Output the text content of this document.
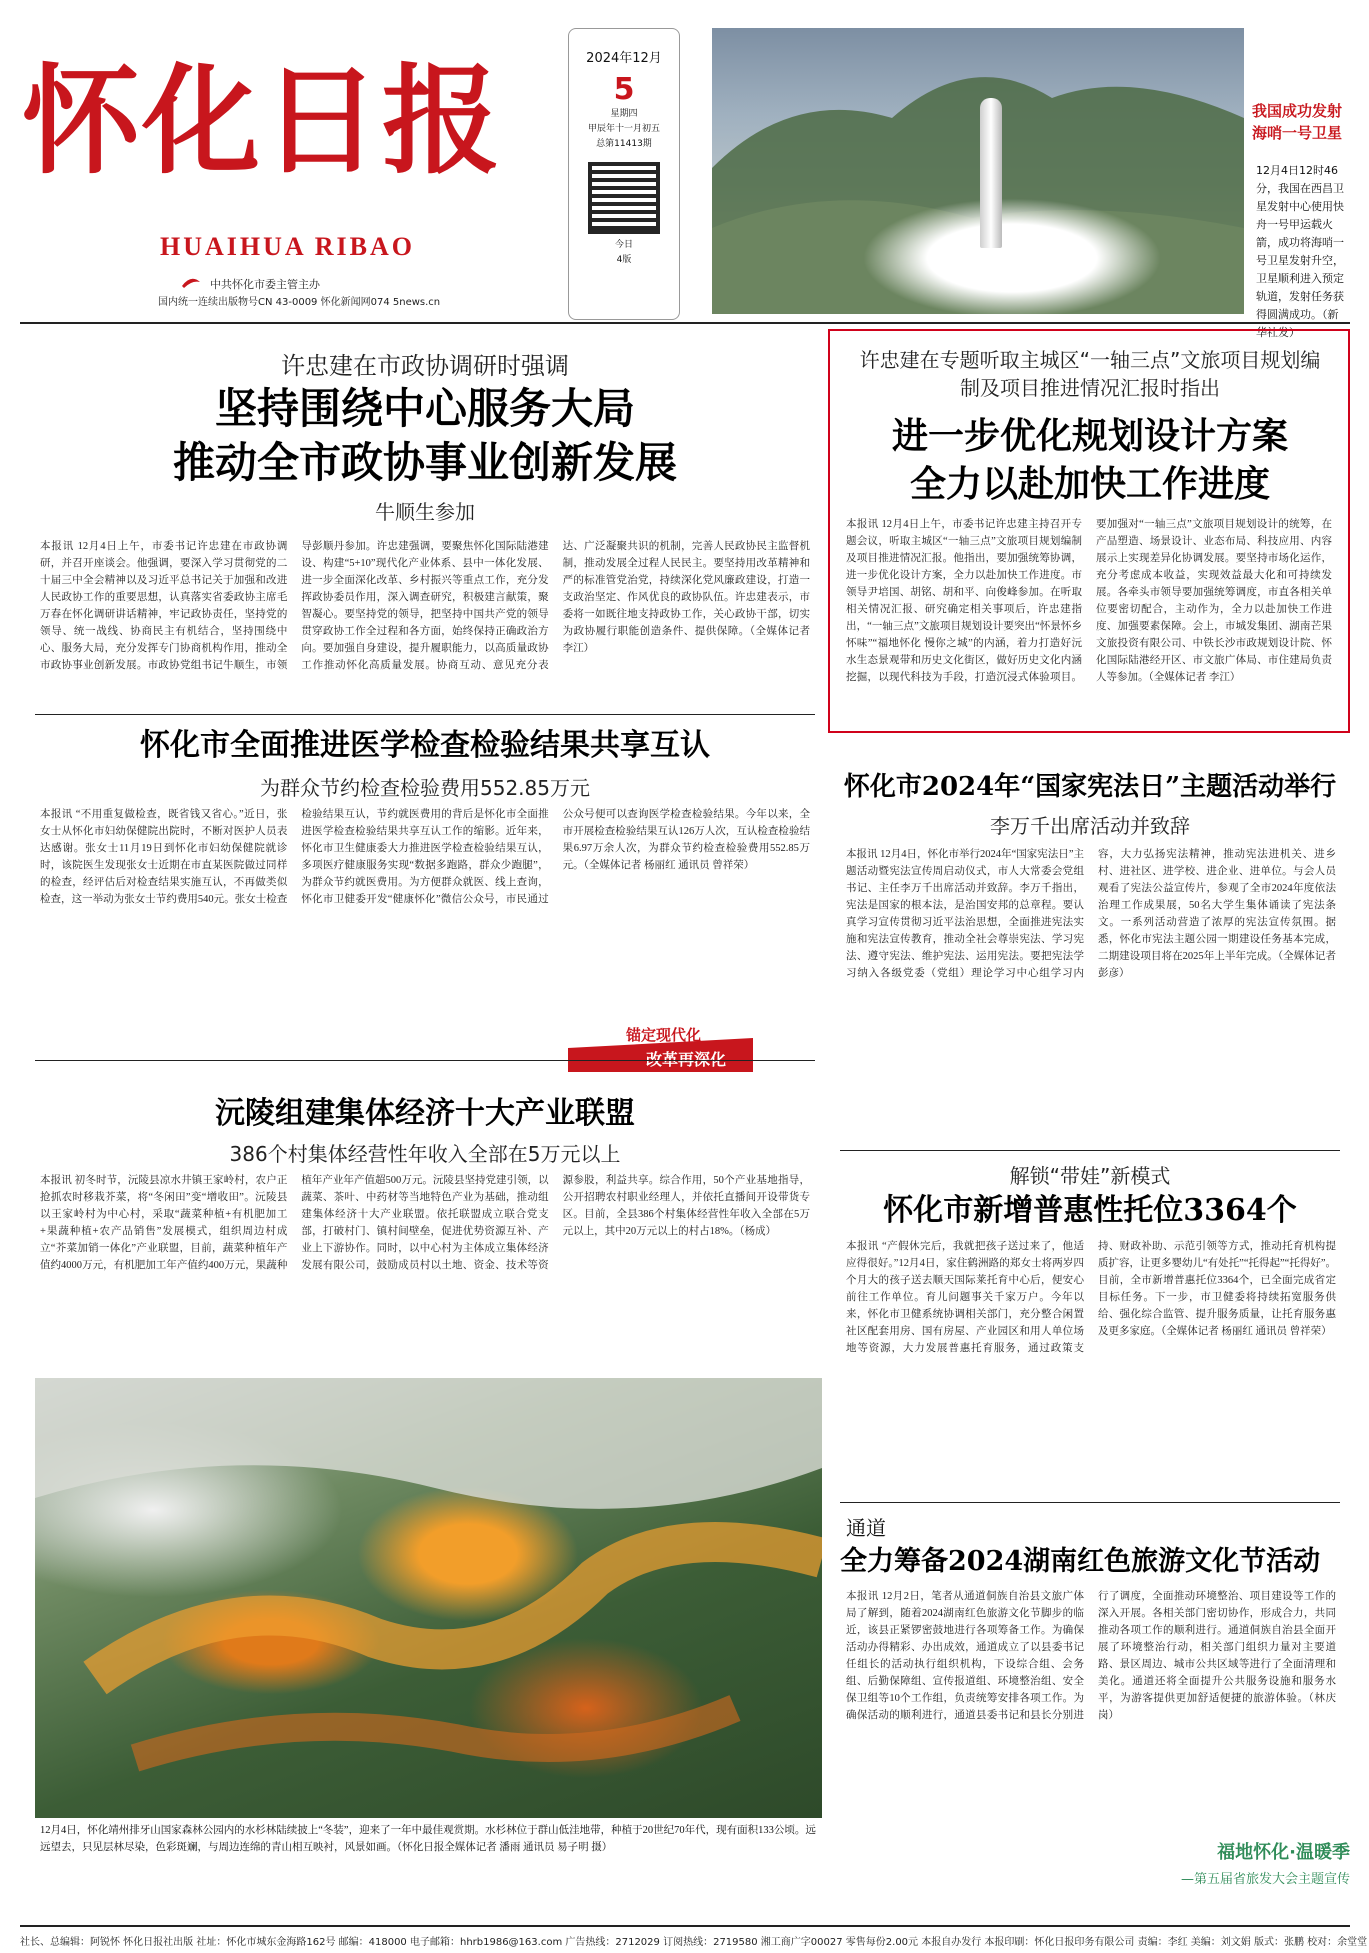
怀化日报
HUAIHUA RIBAO
中共怀化市委主管主办
国内统一连续出版物号CN 43-0009 怀化新闻网074 5news.cn
2024年12月
5
星期四
甲辰年十一月初五
总第11413期
今日
4版
我国成功发射海哨一号卫星
12月4日12时46分，我国在西昌卫星发射中心使用快舟一号甲运载火箭，成功将海哨一号卫星发射升空，卫星顺利进入预定轨道，发射任务获得圆满成功。（新华社发）
许忠建在市政协调研时强调
坚持围绕中心服务大局
推动全市政协事业创新发展
牛顺生参加
本报讯 12月4日上午，市委书记许忠建在市政协调研，并召开座谈会。他强调，要深入学习贯彻党的二十届三中全会精神以及习近平总书记关于加强和改进人民政协工作的重要思想，认真落实省委政协主席毛万春在怀化调研讲话精神，牢记政协责任，坚持党的领导、统一战线、协商民主有机结合，坚持围绕中心、服务大局，充分发挥专门协商机构作用，推动全市政协事业创新发展。市政协党组书记牛顺生，市领导彭顺丹参加。许忠建强调，要聚焦怀化国际陆港建设、构建“5+10”现代化产业体系、县中一体化发展、进一步全面深化改革、乡村振兴等重点工作，充分发挥政协委员作用，深入调查研究，积极建言献策，聚智凝心。要坚持党的领导，把坚持中国共产党的领导贯穿政协工作全过程和各方面，始终保持正确政治方向。要加强自身建设，提升履职能力，以高质量政协工作推动怀化高质量发展。协商互动、意见充分表达、广泛凝聚共识的机制，完善人民政协民主监督机制，推动发展全过程人民民主。要坚持用改革精神和严的标准管党治党，持续深化党风廉政建设，打造一支政治坚定、作风优良的政协队伍。许忠建表示，市委将一如既往地支持政协工作，关心政协干部，切实为政协履行职能创造条件、提供保障。（全媒体记者 李江）
许忠建在专题听取主城区“一轴三点”文旅项目规划编制及项目推进情况汇报时指出
进一步优化规划设计方案
全力以赴加快工作进度
本报讯 12月4日上午，市委书记许忠建主持召开专题会议，听取主城区“一轴三点”文旅项目规划编制及项目推进情况汇报。他指出，要加强统筹协调，进一步优化设计方案，全力以赴加快工作进度。市领导尹培国、胡铭、胡和平、向俊峰参加。在听取相关情况汇报、研究确定相关事项后，许忠建指出，“一轴三点”文旅项目规划设计要突出“怀景怀乡怀味”“福地怀化 慢你之城”的内涵，着力打造好沅水生态景观带和历史文化街区，做好历史文化内涵挖掘，以现代科技为手段，打造沉浸式体验项目。要加强对“一轴三点”文旅项目规划设计的统筹，在产品塑造、场景设计、业态布局、科技应用、内容展示上实现差异化协调发展。要坚持市场化运作，充分考虑成本收益，实现效益最大化和可持续发展。各牵头市领导要加强统筹调度，市直各相关单位要密切配合，主动作为，全力以赴加快工作进度、加强要素保障。会上，市城发集团、湖南芒果文旅投资有限公司、中铁长沙市政规划设计院、怀化国际陆港经开区、市文旅广体局、市住建局负责人等参加。（全媒体记者 李江）
怀化市全面推进医学检查检验结果共享互认
为群众节约检查检验费用552.85万元
本报讯 “不用重复做检查，既省钱又省心。”近日，张女士从怀化市妇幼保健院出院时，不断对医护人员表达感谢。张女士11月19日到怀化市妇幼保健院就诊时，该院医生发现张女士近期在市直某医院做过同样的检查，经评估后对检查结果实施互认，不再做类似检查，这一举动为张女士节约费用540元。张女士检查检验结果互认，节约就医费用的背后是怀化市全面推进医学检查检验结果共享互认工作的缩影。近年来，怀化市卫生健康委大力推进医学检查检验结果互认，多项医疗健康服务实现“数据多跑路，群众少跑腿”，为群众节约就医费用。为方便群众就医、线上查询，怀化市卫健委开发“健康怀化”微信公众号，市民通过公众号便可以查询医学检查检验结果。今年以来，全市开展检查检验结果互认126万人次，互认检查检验结果6.97万余人次，为群众节约检查检验费用552.85万元。（全媒体记者 杨丽红 通讯员 曾祥荣）
锚定现代化
改革再深化
沅陵组建集体经济十大产业联盟
386个村集体经营性年收入全部在5万元以上
本报讯 初冬时节，沅陵县凉水井镇王家岭村，农户正抢抓农时移栽芥菜，将“冬闲田”变“增收田”。沅陵县以王家岭村为中心村，采取“蔬菜种植+有机肥加工+果蔬种植+农产品销售”发展模式，组织周边村成立“芥菜加销一体化”产业联盟，目前，蔬菜种植年产值约4000万元，有机肥加工年产值约400万元，果蔬种植年产业年产值超500万元。沅陵县坚持党建引领，以蔬菜、茶叶、中药材等当地特色产业为基础，推动组建集体经济十大产业联盟。依托联盟成立联合党支部，打破村门、镇村间壁垒，促进优势资源互补、产业上下游协作。同时，以中心村为主体成立集体经济发展有限公司，鼓励成员村以土地、资金、技术等资源参股，利益共享。综合作用，50个产业基地指导，公开招聘农村职业经理人，并依托直播间开设带货专区。目前，全县386个村集体经营性年收入全部在5万元以上，其中20万元以上的村占18%。（杨成）
怀化市2024年“国家宪法日”主题活动举行
李万千出席活动并致辞
本报讯 12月4日，怀化市举行2024年“国家宪法日”主题活动暨宪法宣传周启动仪式，市人大常委会党组书记、主任李万千出席活动并致辞。李万千指出，宪法是国家的根本法，是治国安邦的总章程。要认真学习宣传贯彻习近平法治思想，全面推进宪法实施和宪法宣传教育，推动全社会尊崇宪法、学习宪法、遵守宪法、维护宪法、运用宪法。要把宪法学习纳入各级党委（党组）理论学习中心组学习内容，大力弘扬宪法精神，推动宪法进机关、进乡村、进社区、进学校、进企业、进单位。与会人员观看了宪法公益宣传片，参观了全市2024年度依法治理工作成果展，50名大学生集体诵读了宪法条文。一系列活动营造了浓厚的宪法宣传氛围。据悉，怀化市宪法主题公园一期建设任务基本完成，二期建设项目将在2025年上半年完成。（全媒体记者 彭彦）
解锁“带娃”新模式
怀化市新增普惠性托位3364个
本报讯 “产假休完后，我就把孩子送过来了，他适应得很好。”12月4日，家住鹤洲路的郑女士将两岁四个月大的孩子送去顺天国际莱托育中心后，便安心前往工作单位。育儿问题事关千家万户。今年以来，怀化市卫健系统协调相关部门，充分整合闲置社区配套用房、国有房屋、产业园区和用人单位场地等资源，大力发展普惠托育服务，通过政策支持、财政补助、示范引领等方式，推动托育机构提质扩容，让更多婴幼儿“有处托”“托得起”“托得好”。目前，全市新增普惠托位3364个，已全面完成省定目标任务。下一步，市卫健委将持续拓宽服务供给、强化综合监管、提升服务质量，让托育服务惠及更多家庭。（全媒体记者 杨丽红 通讯员 曾祥荣）
通道
全力筹备2024湖南红色旅游文化节活动
本报讯 12月2日，笔者从通道侗族自治县文旅广体局了解到，随着2024湖南红色旅游文化节脚步的临近，该县正紧锣密鼓地进行各项筹备工作。为确保活动办得精彩、办出成效，通道成立了以县委书记任组长的活动执行组织机构，下设综合组、会务组、后勤保障组、宣传报道组、环境整治组、安全保卫组等10个工作组，负责统筹安排各项工作。为确保活动的顺利进行，通道县委书记和县长分别进行了调度，全面推动环境整治、项目建设等工作的深入开展。各相关部门密切协作，形成合力，共同推动各项工作的顺利进行。通道侗族自治县全面开展了环境整治行动，相关部门组织力量对主要道路、景区周边、城市公共区域等进行了全面清理和美化。通道还将全面提升公共服务设施和服务水平，为游客提供更加舒适便捷的旅游体验。（林庆岗）
12月4日，怀化靖州排牙山国家森林公园内的水杉林陆续披上“冬装”，迎来了一年中最佳观赏期。水杉林位于群山低洼地带，种植于20世纪70年代，现有面积133公顷。远远望去，只见层林尽染，色彩斑斓，与周边连绵的青山相互映衬，风景如画。（怀化日报全媒体记者 潘雨 通讯员 易子明 摄）	福地怀化·温暖季
—第五届省旅发大会主题宣传
社长、总编辑：阿锐怀 怀化日报社出版 社址：怀化市城东金海路162号 邮编：418000 电子邮箱：hhrb1986@163.com 广告热线：2712029 订阅热线：2719580 湘工商广字00027 零售每份2.00元 本报自办发行 本报印刷：怀化日报印务有限公司 责编：李红 美编：刘文娟 版式：张鹏 校对：余堂堂
